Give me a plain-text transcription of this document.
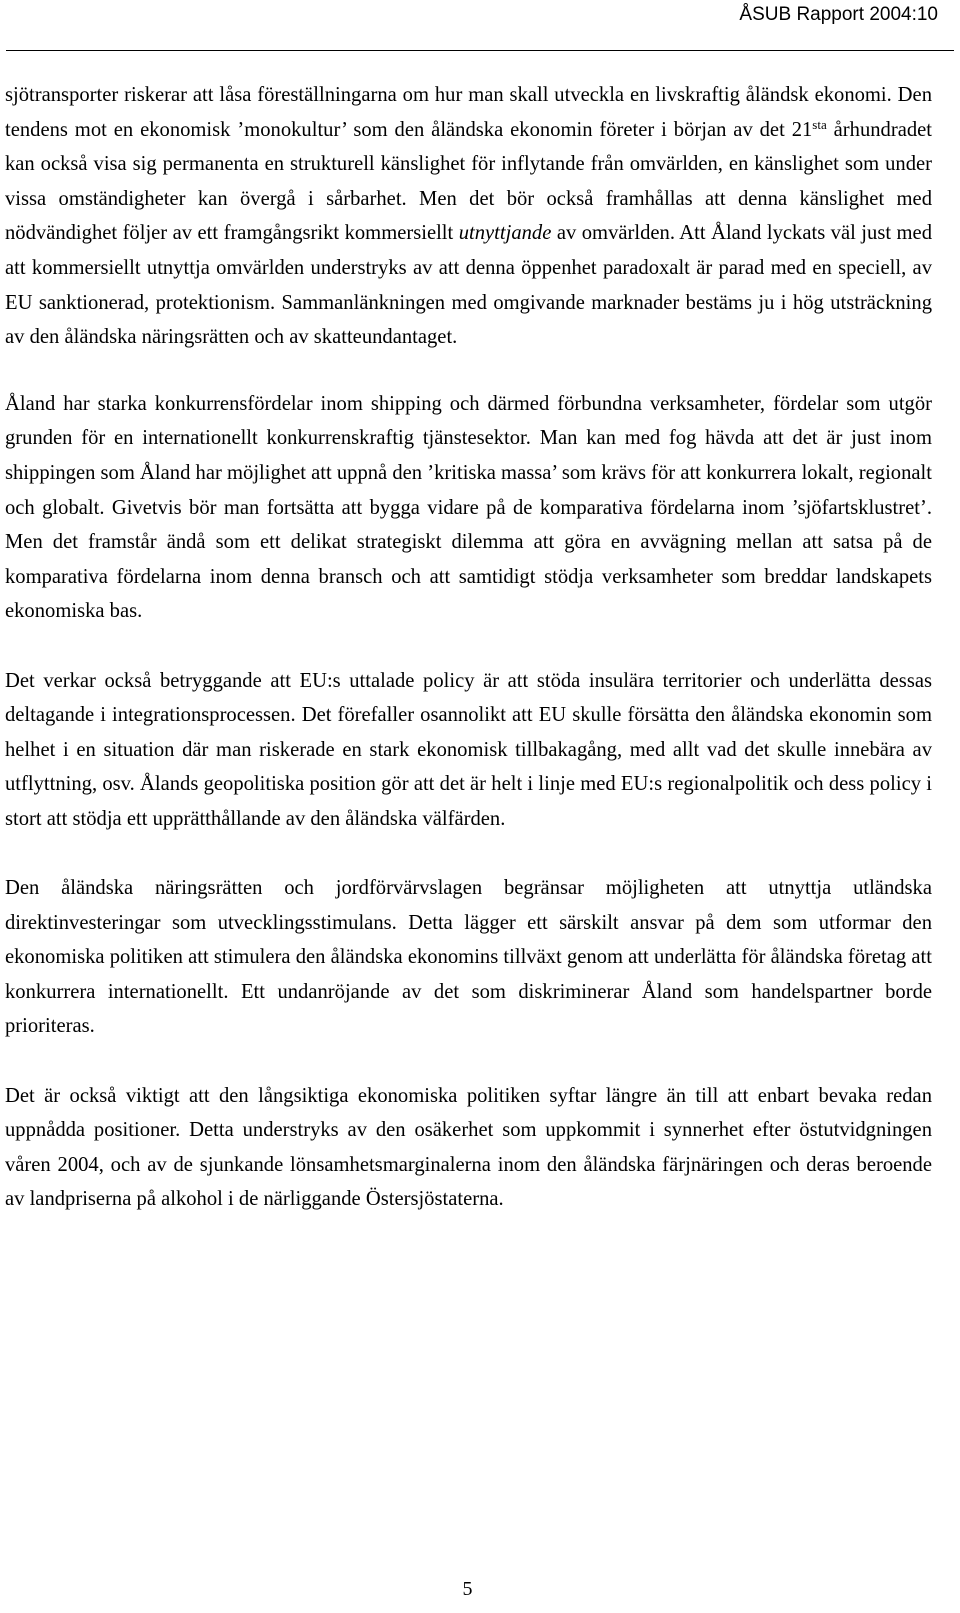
ÅSUB Rapport 2004:10

sjötransporter riskerar att låsa föreställningarna om hur man skall utveckla en livskraftig åländsk ekonomi. Den tendens mot en ekonomisk ’monokultur’ som den åländska ekonomin företer i början av $\det 21^{sta}$ århundradet kan också visa sig permanenta en strukturell känslighet för inflytande från omvärlden, en känslighet som under vissa omständigheter kan övergå i sårbarhet. Men det bör också framhållas att denna känslighet med nödvändighet följer av ett framgångsrikt kommersiellt utnyttjande av omvärlden. Att Åland lyckats väl just med att kommersiellt utnyttja omvärlden understryks av att denna öppenhet paradoxalt är parad med en speciell, av EU sanktionerad, protektionism. Sammanlänkningen med omgivande marknader bestäms ju i hög utsträckning av den åländska näringsrätten och av skatteundantaget.

Åland har starka konkurrensfördelar inom shipping och därmed förbundna verksamheter, fördelar som utgör grunden för en internationellt konkurrenskraftig tjänstesektor. Man kan med fog hävda att det är just inom shippingen som Åland har möjlighet att uppnå den ’kritiska massa’ som krävs för att konkurrera lokalt, regionalt och globalt. Givetvis bör man fortsätta att bygga vidare på de komparativa fördelarna inom ’sjöfartsklustret’. Men det framstår ändå som ett delikat strategiskt dilemma att göra en avvägning mellan att satsa på de komparativa fördelarna inom denna bransch och att samtidigt stödja verksamheter som breddar landskapets ekonomiska bas.

Det verkar också betryggande att EU:s uttalade policy är att stöda insulära territorier och underlätta dessas deltagande i integrationsprocessen. Det förefaller osannolikt att EU skulle försätta den åländska ekonomin som helhet i en situation där man riskerade en stark ekonomisk tillbakagång, med allt vad det skulle innebära av utflyttning, osv. Ålands geopolitiska position gör att det är helt i linje med EU:s regionalpolitik och dess policy i stort att stödja ett upprätthållande av den åländska välfärden.

Den åländska näringsrätten och jordförvärvslagen begränsar möjligheten att utnyttja utländska direktinvesteringar som utvecklingsstimulans. Detta lägger ett särskilt ansvar på dem som utformar den ekonomiska politiken att stimulera den åländska ekonomins tillväxt genom att underlätta för åländska företag att konkurrera internationellt. Ett undanröjande av det som diskriminerar Åland som handelspartner borde prioriteras.

Det är också viktigt att den långsiktiga ekonomiska politiken syftar längre än till att enbart bevaka redan uppnådda positioner. Detta understryks av den osäkerhet som uppkommit i synnerhet efter östutvidgningen våren 2004, och av de sjunkande lönsamhetsmarginalerna inom den åländska färjnäringen och deras beroende av landpriserna på alkohol i de närliggande Östersjöstaterna.

5
